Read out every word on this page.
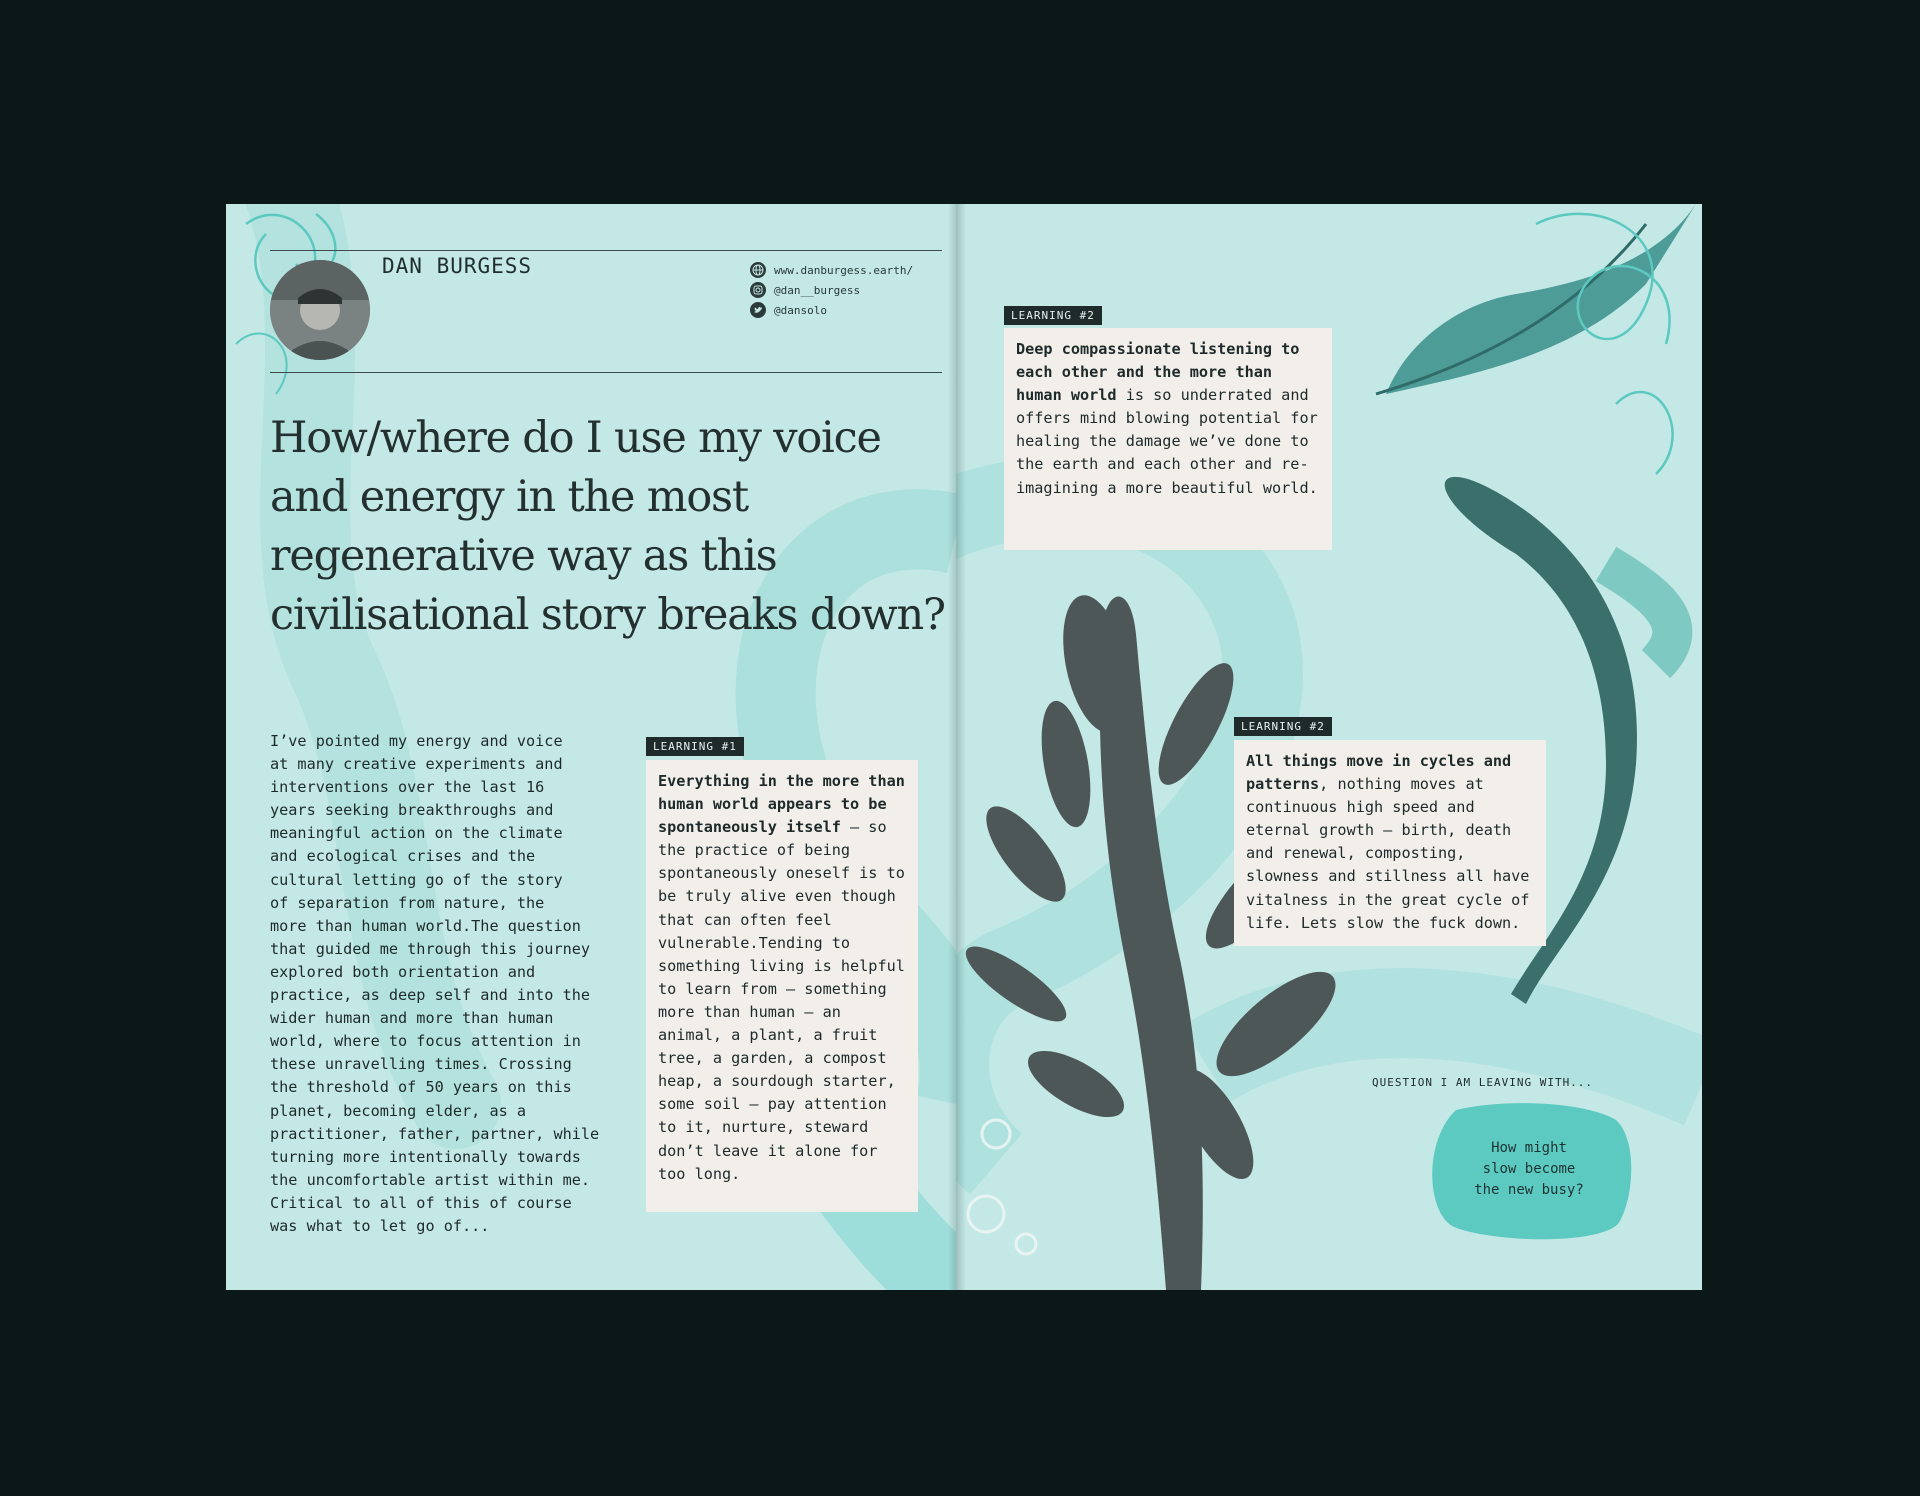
DAN BURGESS	www.danburgess.earth/
@dan__burgess
@dansolo
How/where do I use my voice and energy in the most regenerative way as this civilisational story breaks down?
I’ve pointed my energy and voice
at many creative experiments and
interventions over the last 16
years seeking breakthroughs and
meaningful action on the climate
and ecological crises and the
cultural letting go of the story
of separation from nature, the
more than human world.The question
that guided me through this journey
explored both orientation and
practice, as deep self and into the
wider human and more than human
world, where to focus attention in
these unravelling times. Crossing
the threshold of 50 years on this
planet, becoming elder, as a
practitioner, father, partner, while
turning more intentionally towards
the uncomfortable artist within me.
Critical to all of this of course
was what to let go of...
LEARNING #1
Everything in the more than human world appears to be spontaneously itself – so the practice of being spontaneously oneself is to be truly alive even though that can often feel vulnerable.Tending to something living is helpful to learn from – something more than human – an animal, a plant, a fruit tree, a garden, a compost heap, a sourdough starter, some soil – pay attention to it, nurture, steward don’t leave it alone for too long.
LEARNING #2
Deep compassionate listening to each other and the more than human world is so underrated and offers mind blowing potential for healing the damage we’ve done to the earth and each other and re-imagining a more beautiful world.
LEARNING #2
All things move in cycles and patterns, nothing moves at continuous high speed and eternal growth – birth, death and renewal, composting, slowness and stillness all have vitalness in the great cycle of life. Lets slow the fuck down.
QUESTION I AM LEAVING WITH...
How might
slow become
the new busy?
